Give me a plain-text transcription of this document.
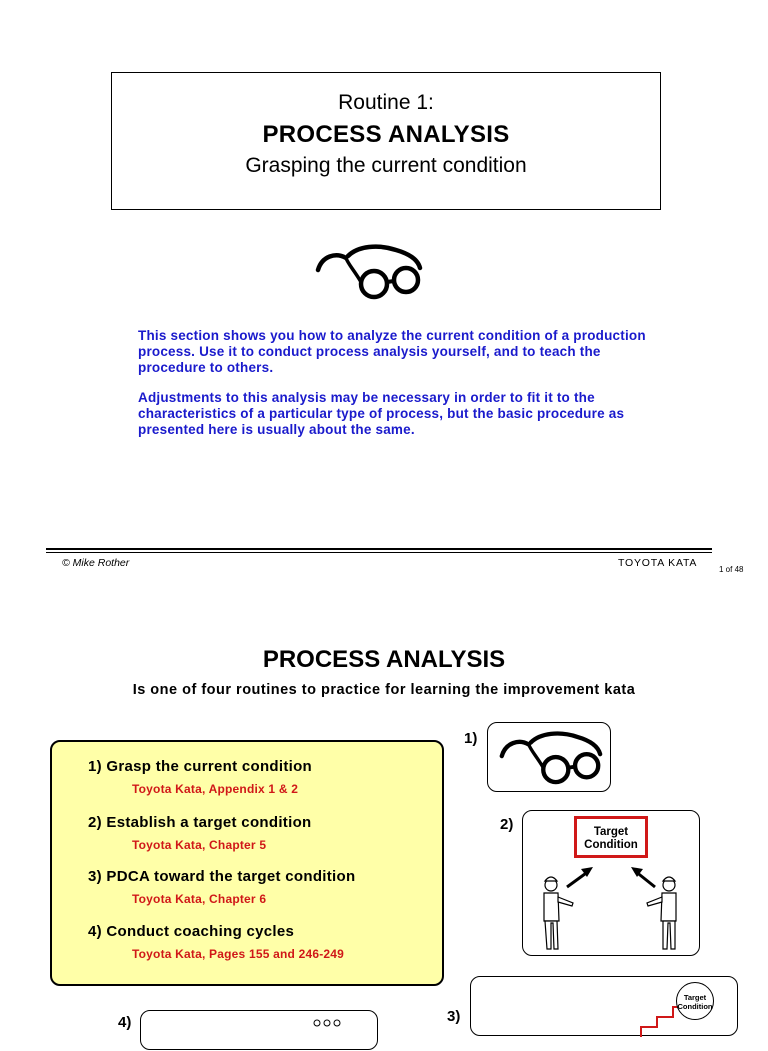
Routine 1:
PROCESS ANALYSIS
Grasping the current condition
This section shows you how to analyze the current condition of a production process. Use it to conduct process analysis yourself, and to teach the procedure to others.
Adjustments to this analysis may be necessary in order to fit it to the characteristics of a particular type of process, but the basic procedure as presented here is usually about the same.
© Mike Rother	TOYOTA KATA
1 of 48
PROCESS ANALYSIS
Is one of four routines to practice for learning the improvement kata
1) Grasp the current condition
Toyota Kata, Appendix 1 & 2
2) Establish a target condition
Toyota Kata, Chapter 5
3) PDCA toward the target condition
Toyota Kata, Chapter 6
4) Conduct coaching cycles
Toyota Kata, Pages 155 and 246-249
1)
2)	Target Condition
3)
Target Condition
4)
